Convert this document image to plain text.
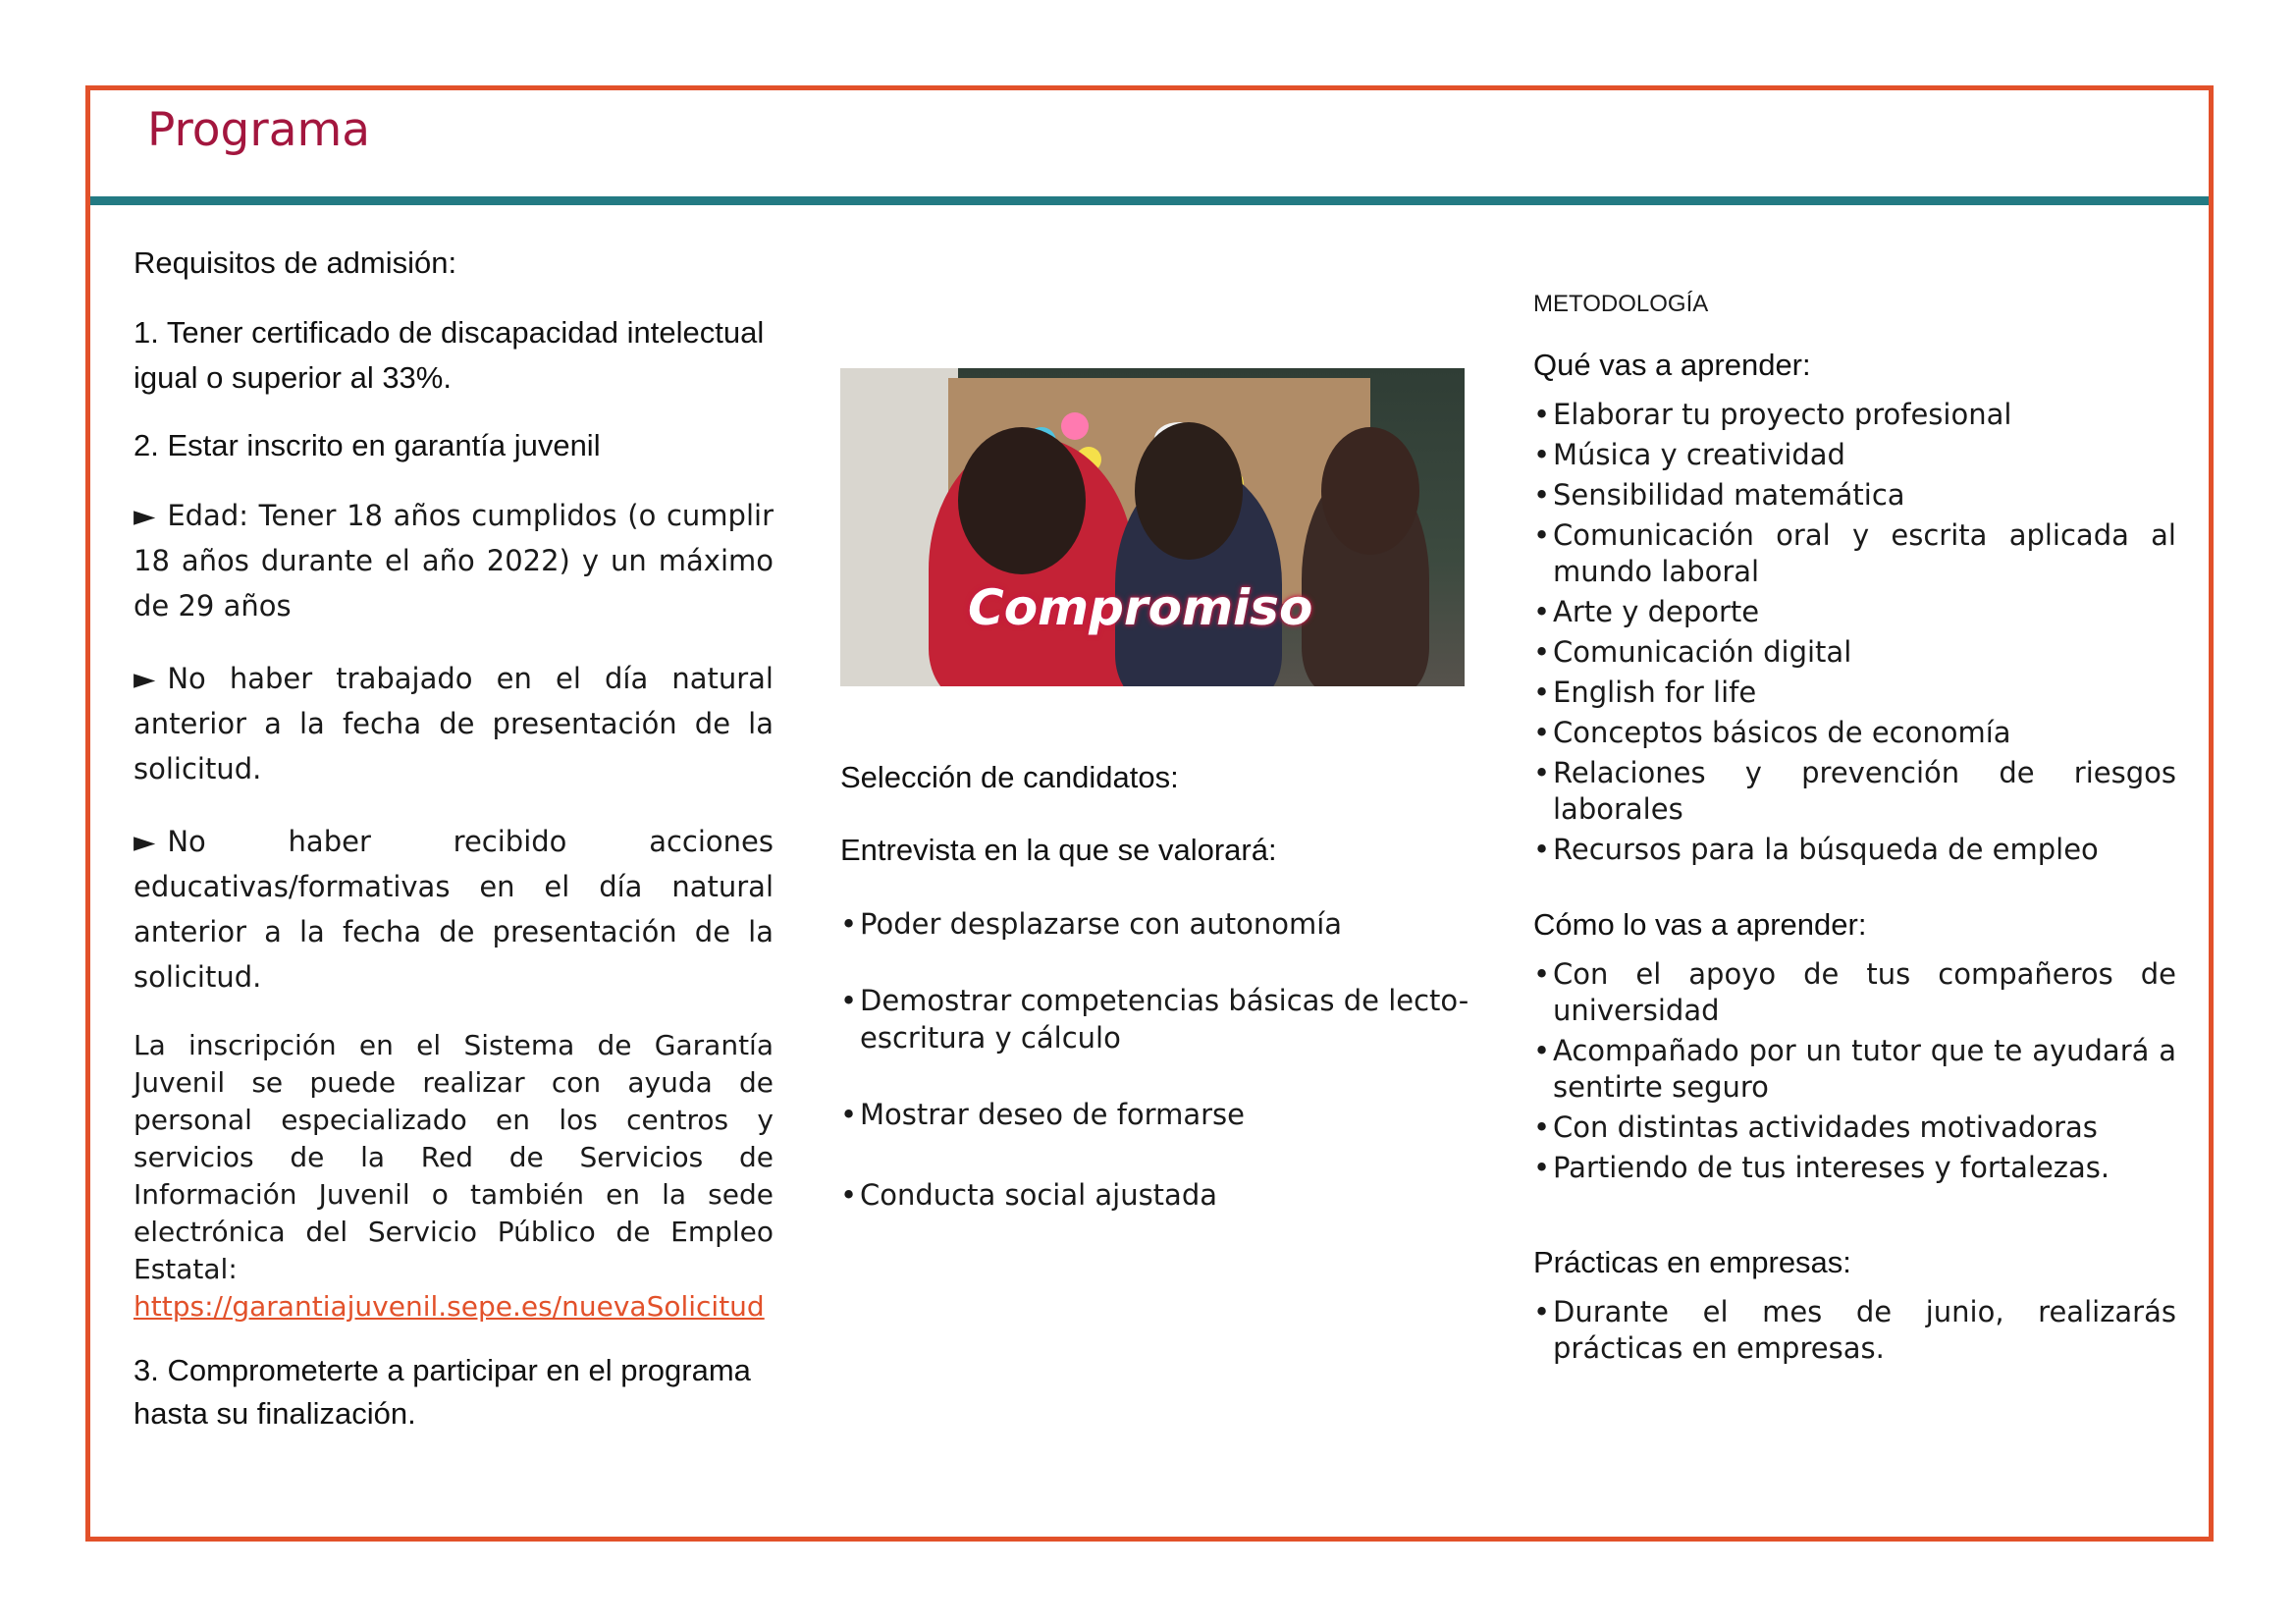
Programa

Requisitos de admisión:

1. Tener certificado de discapacidad intelectual igual o superior al 33%.

2. Estar inscrito en garantía juvenil

► Edad: Tener 18 años cumplidos (o cumplir 18 años durante el año 2022) y un máximo de 29 años

► No haber trabajado en el día natural anterior a la fecha de presentación de la solicitud.

► No haber recibido acciones educativas/formativas en el día natural anterior a la fecha de presentación de la solicitud.

La inscripción en el Sistema de Garantía Juvenil se puede realizar con ayuda de personal especializado en los centros y servicios de la Red de Servicios de Información Juvenil o también en la sede electrónica del Servicio Público de Empleo Estatal:
https://garantiajuvenil.sepe.es/nuevaSolicitud

3. Comprometerte a participar en el programa hasta su finalización.

Compromiso

Selección de candidatos:

Entrevista en la que se valorará:

• Poder desplazarse con autonomía
• Demostrar competencias básicas de lecto-escritura y cálculo
• Mostrar deseo de formarse
• Conducta social ajustada

METODOLOGÍA

Qué vas a aprender:

• Elaborar tu proyecto profesional
• Música y creatividad
• Sensibilidad matemática
• Comunicación oral y escrita aplicada al mundo laboral
• Arte y deporte
• Comunicación digital
• English for life
• Conceptos básicos de economía
• Relaciones y prevención de riesgos laborales
• Recursos para la búsqueda de empleo

Cómo lo vas a aprender:

• Con el apoyo de tus compañeros de universidad
• Acompañado por un tutor que te ayudará a sentirte seguro
• Con distintas actividades motivadoras
• Partiendo de tus intereses y fortalezas.

Prácticas en empresas:

• Durante el mes de junio, realizarás prácticas en empresas.
